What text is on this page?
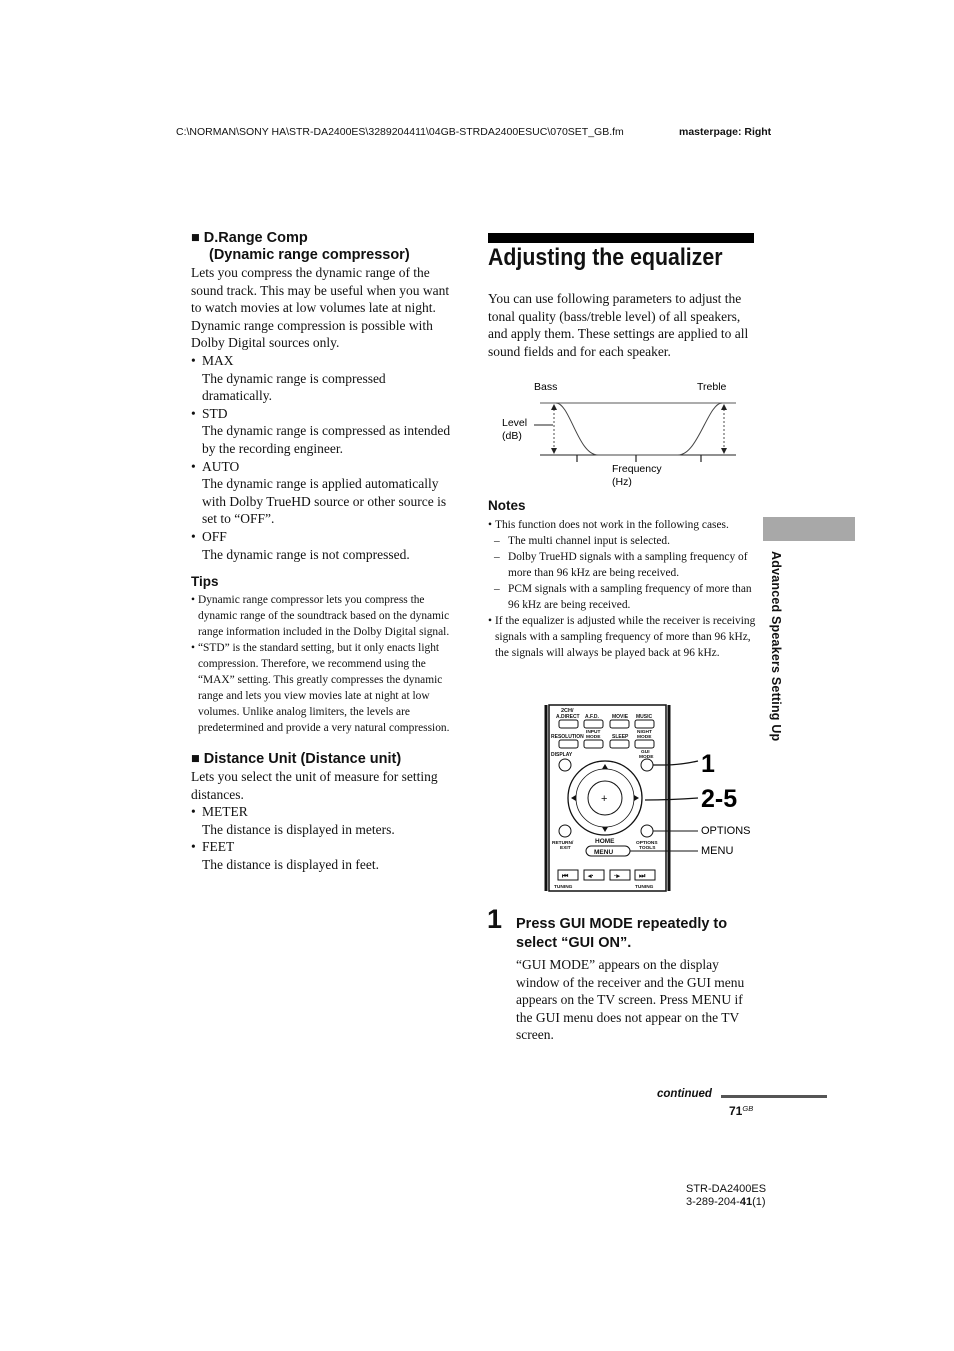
C:\NORMAN\SONY HA\STR-DA2400ES\3289204411\04GB-STRDA2400ESUC\070SET_GB.fm	masterpage: Right
■ D.Range Comp
(Dynamic range compressor)
Lets you compress the dynamic range of the sound track. This may be useful when you want to watch movies at low volumes late at night. Dynamic range compression is possible with Dolby Digital sources only.
• MAX
The dynamic range is compressed dramatically.
• STD
The dynamic range is compressed as intended by the recording engineer.
• AUTO
The dynamic range is applied automatically with Dolby TrueHD source or other source is set to “OFF”.
• OFF
The dynamic range is not compressed.
Tips
• Dynamic range compressor lets you compress the dynamic range of the soundtrack based on the dynamic range information included in the Dolby Digital signal.
• “STD” is the standard setting, but it only enacts light compression. Therefore, we recommend using the “MAX” setting. This greatly compresses the dynamic range and lets you view movies late at night at low volumes. Unlike analog limiters, the levels are predetermined and provide a very natural compression.
■ Distance Unit (Distance unit)
Lets you select the unit of measure for setting distances.
• METER
The distance is displayed in meters.
• FEET
The distance is displayed in feet.
Adjusting the equalizer
You can use following parameters to adjust the tonal quality (bass/treble level) of all speakers, and apply them. These settings are applied to all sound fields and for each speaker.
Bass	Treble
Level
(dB)
Frequency
(Hz)
Notes
• This function does not work in the following cases.
– The multi channel input is selected.
– Dolby TrueHD signals with a sampling frequency of more than 96 kHz are being received.
– PCM signals with a sampling frequency of more than 96 kHz are being received.
• If the equalizer is adjusted while the receiver is receiving signals with a sampling frequency of more than 96 kHz, the signals will always be played back at 96 kHz.
2CH/
A.DIRECT A.F.D.	MOVIE MUSIC
INPUT	NIGHT
RESOLUTION MODE SLEEP MODE
GUI
DISPLAY	MODE
+
RETURN/
EXIT
HOME	OPTIONS
TOOLS
MENU
⏮	◂·	·▸	⏭
TUNING	TUNING
1
2-5
OPTIONS
MENU
1 Press GUI MODE repeatedly to select “GUI ON”.
“GUI MODE” appears on the display window of the receiver and the GUI menu appears on the TV screen. Press MENU if the GUI menu does not appear on the TV screen.
Advanced Speakers Setting Up
continued
$71^{GB}$
STR-DA2400ES
3-289-204-41(1)
